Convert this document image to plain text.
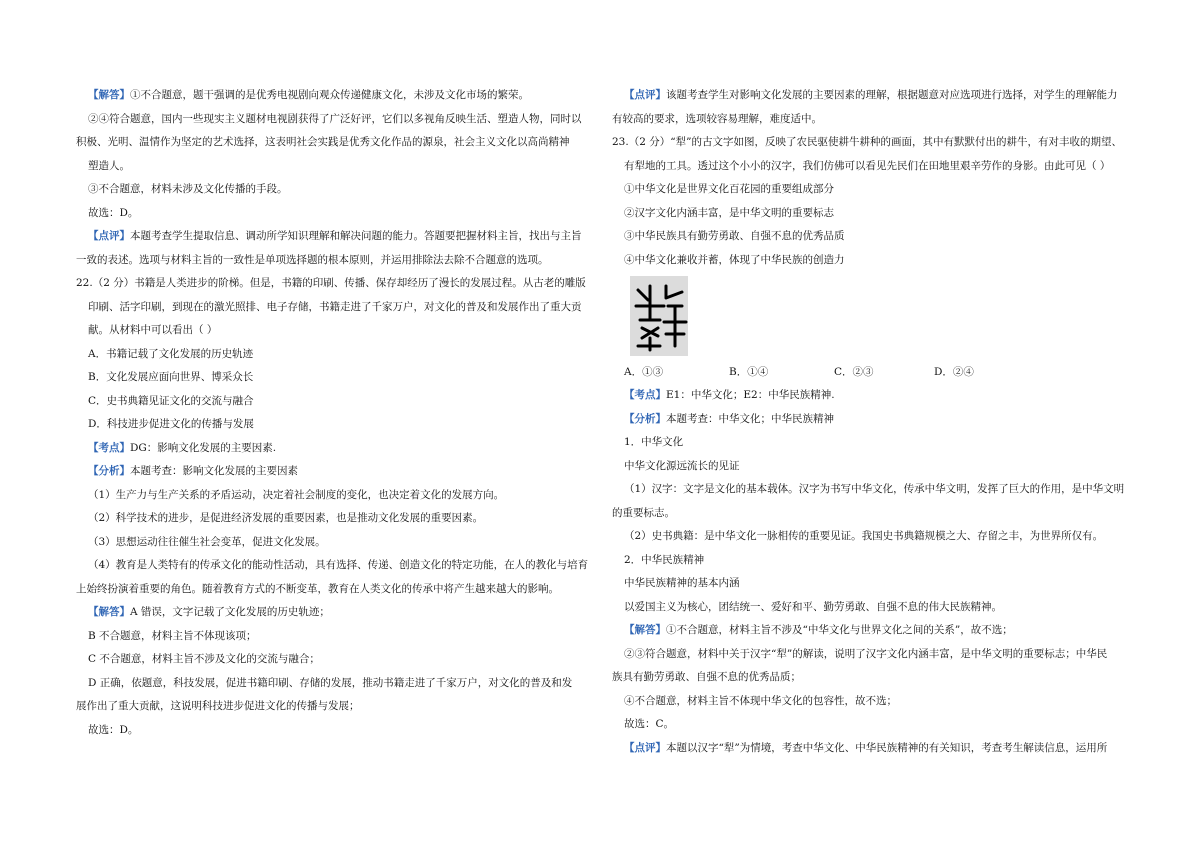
【解答】①不合题意，题干强调的是优秀电视剧向观众传递健康文化，未涉及文化市场的繁荣。
②④符合题意，国内一些现实主义题材电视剧获得了广泛好评，它们以多视角反映生活、塑造人物，同时以
积极、光明、温情作为坚定的艺术选择，这表明社会实践是优秀文化作品的源泉，社会主义文化以高尚精神
塑造人。
③不合题意，材料未涉及文化传播的手段。
故选：D。
【点评】本题考查学生提取信息、调动所学知识理解和解决问题的能力。答题要把握材料主旨，找出与主旨
一致的表述。选项与材料主旨的一致性是单项选择题的根本原则，并运用排除法去除不合题意的选项。
22.（2 分）书籍是人类进步的阶梯。但是，书籍的印刷、传播、保存却经历了漫长的发展过程。从古老的雕版
印刷、活字印刷，到现在的激光照排、电子存储，书籍走进了千家万户，对文化的普及和发展作出了重大贡
献。从材料中可以看出（ ）
A．书籍记载了文化发展的历史轨迹
B．文化发展应面向世界、博采众长
C．史书典籍见证文化的交流与融合
D．科技进步促进文化的传播与发展
【考点】DG：影响文化发展的主要因素.
【分析】本题考查：影响文化发展的主要因素
（1）生产力与生产关系的矛盾运动，决定着社会制度的变化，也决定着文化的发展方向。
（2）科学技术的进步，是促进经济发展的重要因素，也是推动文化发展的重要因素。
（3）思想运动往往催生社会变革，促进文化发展。
（4）教育是人类特有的传承文化的能动性活动，具有选择、传递、创造文化的特定功能，在人的教化与培育
上始终扮演着重要的角色。随着教育方式的不断变革，教育在人类文化的传承中将产生越来越大的影响。
【解答】A 错误，文字记载了文化发展的历史轨迹；
B 不合题意，材料主旨不体现该项；
C 不合题意，材料主旨不涉及文化的交流与融合；
D 正确，依题意，科技发展，促进书籍印刷、存储的发展，推动书籍走进了千家万户，对文化的普及和发
展作出了重大贡献，这说明科技进步促进文化的传播与发展；
故选：D。
【点评】该题考查学生对影响文化发展的主要因素的理解，根据题意对应选项进行选择，对学生的理解能力
有较高的要求，选项较容易理解，难度适中。
23.（2 分）“犁”的古文字如图，反映了农民驱使耕牛耕种的画面，其中有默默付出的耕牛，有对丰收的期望、
有犁地的工具。透过这个小小的汉字，我们仿佛可以看见先民们在田地里艰辛劳作的身影。由此可见（ ）
①中华文化是世界文化百花园的重要组成部分
②汉字文化内涵丰富，是中华文明的重要标志
③中华民族具有勤劳勇敢、自强不息的优秀品质
④中华文化兼收并蓄，体现了中华民族的创造力
A．①③	B．①④	C．②③	D．②④
【考点】E1：中华文化；E2：中华民族精神.
【分析】本题考查：中华文化；中华民族精神
1．中华文化
中华文化源远流长的见证
（1）汉字：文字是文化的基本载体。汉字为书写中华文化，传承中华文明，发挥了巨大的作用，是中华文明
的重要标志。
（2）史书典籍：是中华文化一脉相传的重要见证。我国史书典籍规模之大、存留之丰，为世界所仅有。
2．中华民族精神
中华民族精神的基本内涵
以爱国主义为核心，团结统一、爱好和平、勤劳勇敢、自强不息的伟大民族精神。
【解答】①不合题意，材料主旨不涉及“中华文化与世界文化之间的关系”，故不选；
②③符合题意，材料中关于汉字“犁”的解读，说明了汉字文化内涵丰富，是中华文明的重要标志；中华民
族具有勤劳勇敢、自强不息的优秀品质；
④不合题意，材料主旨不体现中华文化的包容性，故不选；
故选：C。
【点评】本题以汉字“犁”为情境，考查中华文化、中华民族精神的有关知识，考查考生解读信息，运用所
